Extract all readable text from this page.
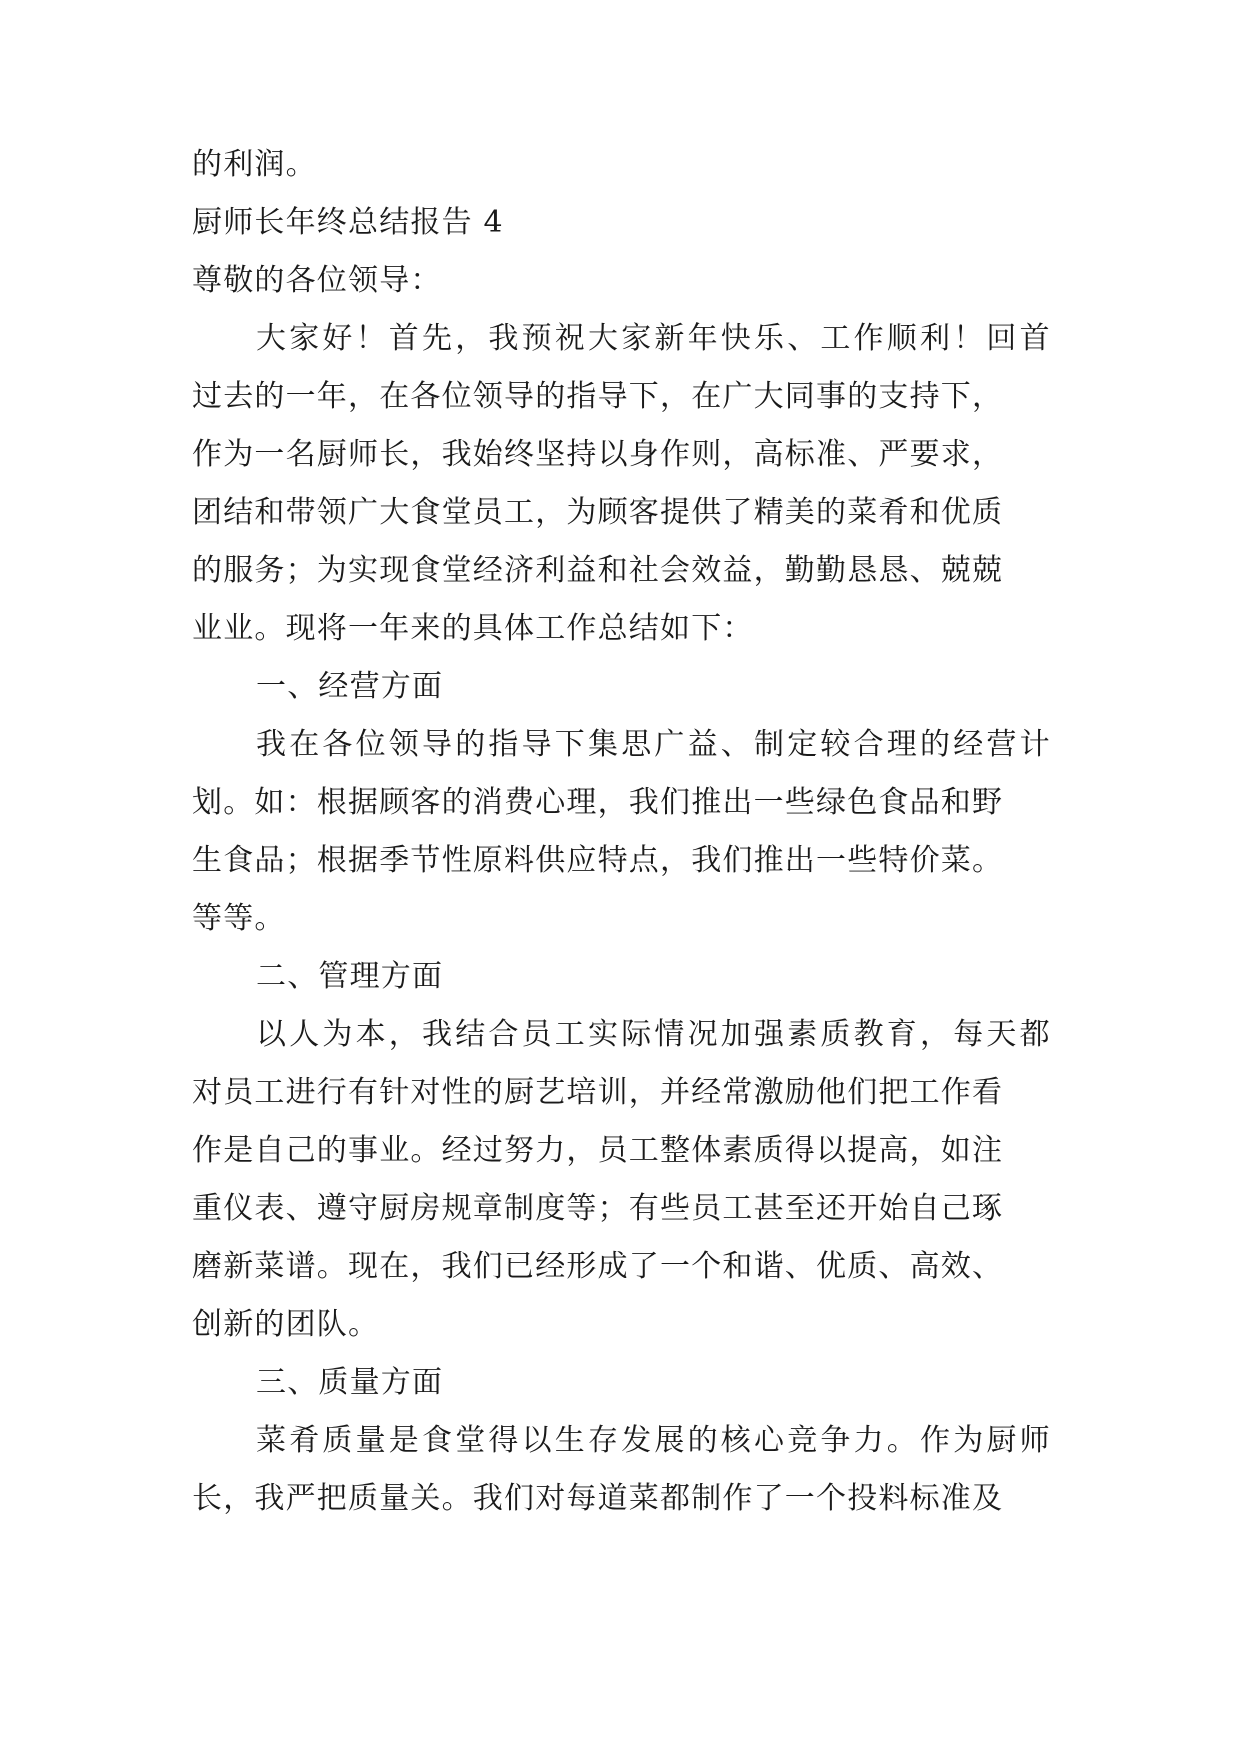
的利润。
厨师长年终总结报告 4
尊敬的各位领导：
大家好！首先，我预祝大家新年快乐、工作顺利！回首
过去的一年，在各位领导的指导下，在广大同事的支持下，
作为一名厨师长，我始终坚持以身作则，高标准、严要求，
团结和带领广大食堂员工，为顾客提供了精美的菜肴和优质
的服务；为实现食堂经济利益和社会效益，勤勤恳恳、兢兢
业业。现将一年来的具体工作总结如下：
一、经营方面
我在各位领导的指导下集思广益、制定较合理的经营计
划。如：根据顾客的消费心理，我们推出一些绿色食品和野
生食品；根据季节性原料供应特点，我们推出一些特价菜。
等等。
二、管理方面
以人为本，我结合员工实际情况加强素质教育，每天都
对员工进行有针对性的厨艺培训，并经常激励他们把工作看
作是自己的事业。经过努力，员工整体素质得以提高，如注
重仪表、遵守厨房规章制度等；有些员工甚至还开始自己琢
磨新菜谱。现在，我们已经形成了一个和谐、优质、高效、
创新的团队。
三、质量方面
菜肴质量是食堂得以生存发展的核心竞争力。作为厨师
长，我严把质量关。我们对每道菜都制作了一个投料标准及
